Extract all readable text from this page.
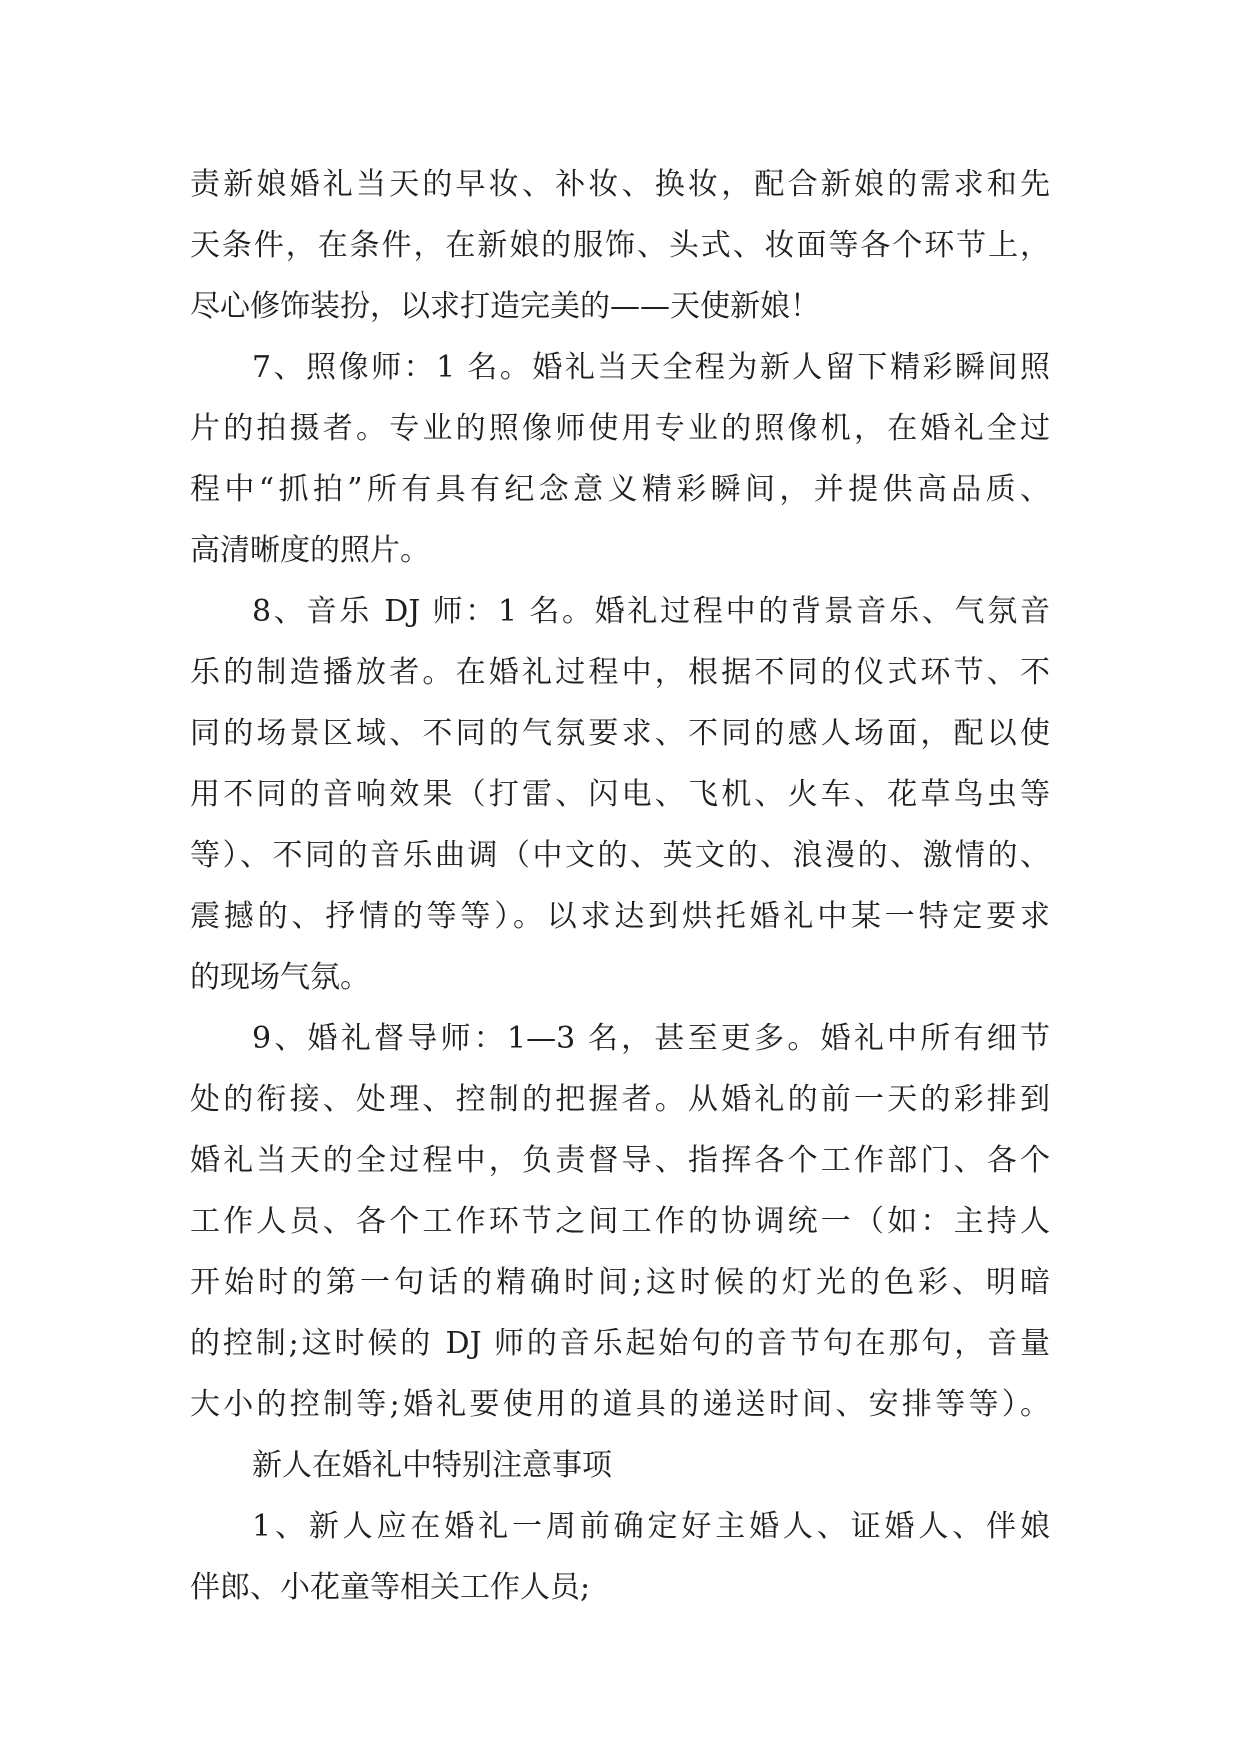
责新娘婚礼当天的早妆、补妆、换妆，配合新娘的需求和先
天条件，在条件，在新娘的服饰、头式、妆面等各个环节上，
尽心修饰装扮，以求打造完美的——天使新娘！
7、照像师：1 名。婚礼当天全程为新人留下精彩瞬间照
片的拍摄者。专业的照像师使用专业的照像机，在婚礼全过
程中“抓拍”所有具有纪念意义精彩瞬间，并提供高品质、
高清晰度的照片。
8、音乐 DJ 师：1 名。婚礼过程中的背景音乐、气氛音
乐的制造播放者。在婚礼过程中，根据不同的仪式环节、不
同的场景区域、不同的气氛要求、不同的感人场面，配以使
用不同的音响效果（打雷、闪电、飞机、火车、花草鸟虫等
等）、不同的音乐曲调（中文的、英文的、浪漫的、激情的、
震撼的、抒情的等等）。以求达到烘托婚礼中某一特定要求
的现场气氛。
9、婚礼督导师：1—3 名，甚至更多。婚礼中所有细节
处的衔接、处理、控制的把握者。从婚礼的前一天的彩排到
婚礼当天的全过程中，负责督导、指挥各个工作部门、各个
工作人员、各个工作环节之间工作的协调统一（如：主持人
开始时的第一句话的精确时间;这时候的灯光的色彩、明暗
的控制;这时候的 DJ 师的音乐起始句的音节句在那句，音量
大小的控制等;婚礼要使用的道具的递送时间、安排等等）。
新人在婚礼中特别注意事项
1、新人应在婚礼一周前确定好主婚人、证婚人、伴娘
伴郎、小花童等相关工作人员;
